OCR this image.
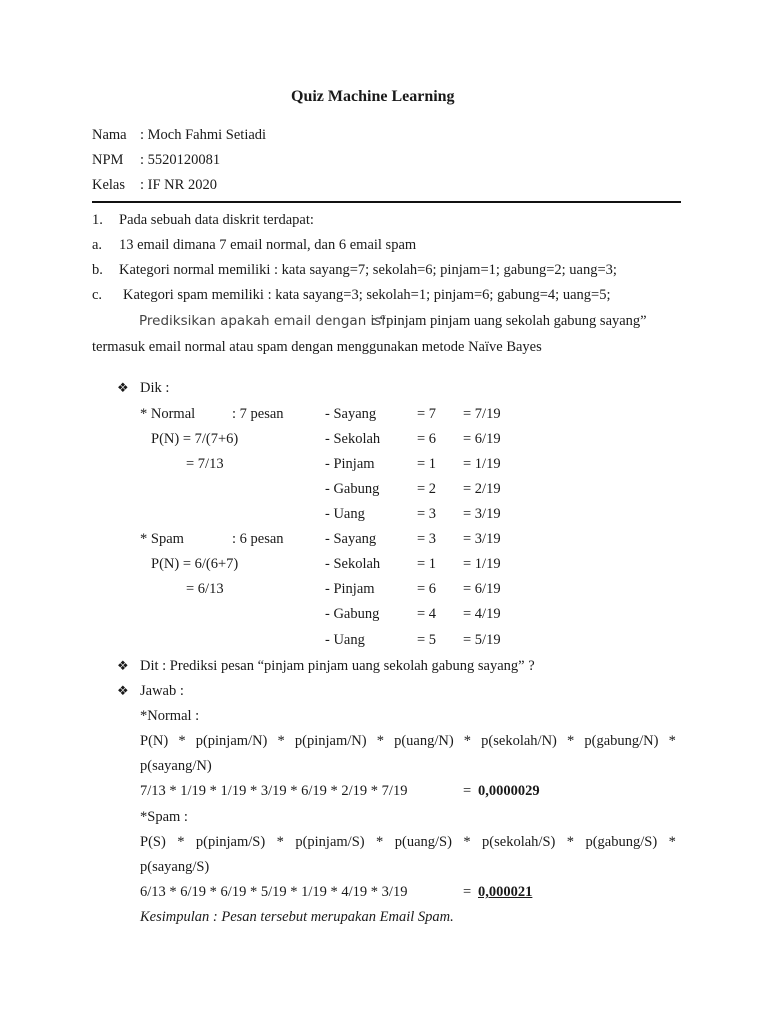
Quiz Machine Learning
Nama : Moch Fahmi Setiadi
NPM : 5520120081
Kelas : IF NR 2020
1. Pada sebuah data diskrit terdapat:
a. 13 email dimana 7 email normal, dan 6 email spam
b. Kategori normal memiliki : kata sayang=7; sekolah=6; pinjam=1; gabung=2; uang=3;
c. Kategori spam memiliki : kata sayang=3; sekolah=1; pinjam=6; gabung=4; uang=5;
Prediksikan apakah email dengan isi
: “pinjam pinjam uang sekolah gabung sayang”
termasuk email normal atau spam dengan menggunakan metode Naïve Bayes
❖ Dik :
* Normal	: 7 pesan
P(N) = 7/(7+6)
= 7/13
- Sayang	= 7 = 7/19
- Sekolah	= 6 = 6/19
- Pinjam	= 1 = 1/19
- Gabung	= 2 = 2/19
- Uang	= 3 = 3/19
* Spam	: 6 pesan
P(N) = 6/(6+7)
= 6/13
- Sayang	= 3 = 3/19
- Sekolah	= 1 = 1/19
- Pinjam	= 6 = 6/19
- Gabung	= 4 = 4/19
- Uang	= 5 = 5/19
❖ Dit : Prediksi pesan “pinjam pinjam uang sekolah gabung sayang” ?
❖ Jawab :
*Normal :
P(N) * p(pinjam/N) * p(pinjam/N) * p(uang/N) * p(sekolah/N) * p(gabung/N) *
p(sayang/N)
7/13 * 1/19 * 1/19 * 3/19 * 6/19 * 2/19 * 7/19	= 0,0000029
*Spam :
P(S) * p(pinjam/S) * p(pinjam/S) * p(uang/S) * p(sekolah/S) * p(gabung/S) *
p(sayang/S)
6/13 * 6/19 * 6/19 * 5/19 * 1/19 * 4/19 * 3/19	= 0,000021
Kesimpulan : Pesan tersebut merupakan Email Spam.
